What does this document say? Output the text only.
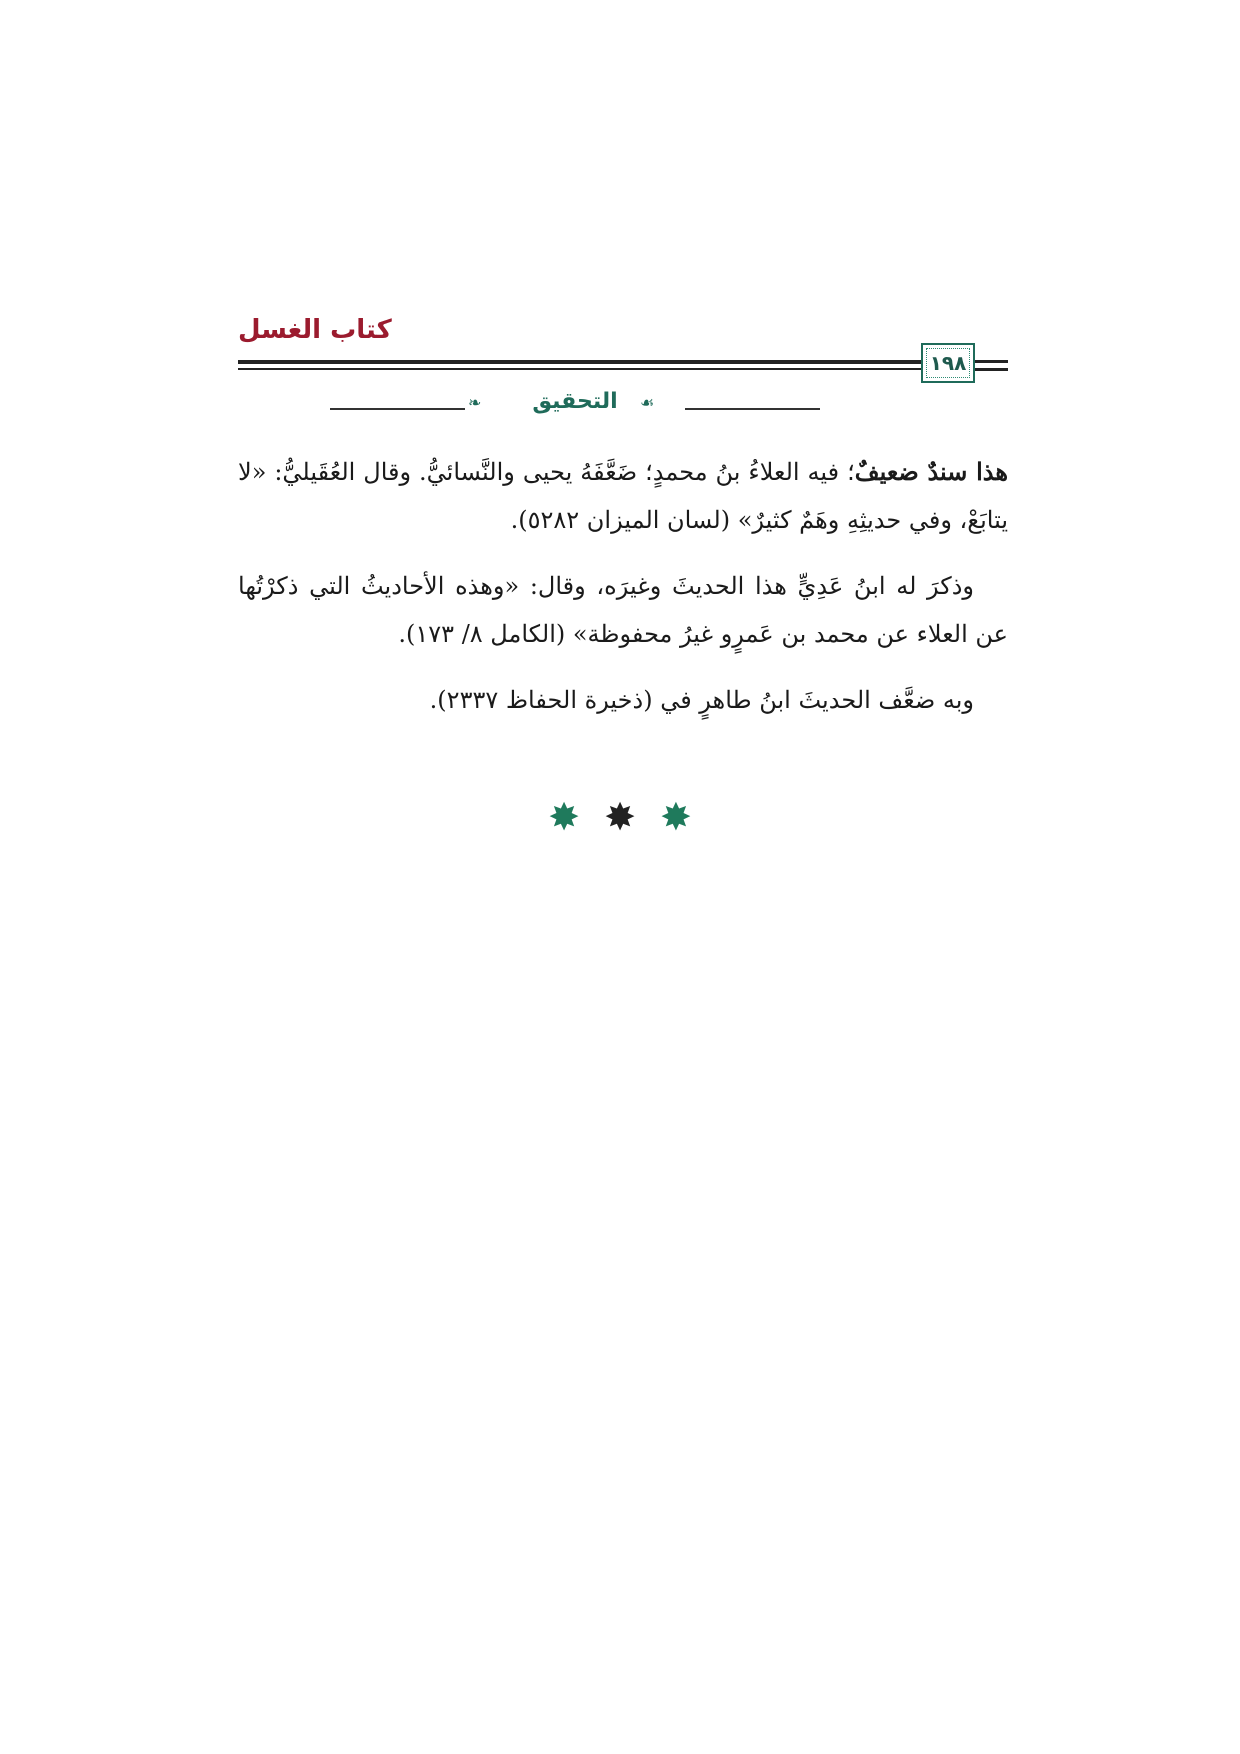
كتاب الغسل
١٩٨
❧	التحقيق	☙

هذا سندٌ ضعيفٌ؛ فيه العلاءُ بنُ محمدٍ؛ ضَعَّفَهُ يحيى والنَّسائيُّ. وقال العُقَيليُّ: «لا يتابَعْ، وفي حديثِهِ وهَمٌ كثيرٌ» (لسان الميزان ٥٢٨٢).

وذكرَ له ابنُ عَدِيٍّ هذا الحديثَ وغيرَه، وقال: «وهذه الأحاديثُ التي ذكرْتُها عن العلاء عن محمد بن عَمرٍو غيرُ محفوظة» (الكامل ٨/ ١٧٣).

وبه ضعَّف الحديثَ ابنُ طاهرٍ في (ذخيرة الحفاظ ٢٣٣٧).

✸ ✸ ✸
